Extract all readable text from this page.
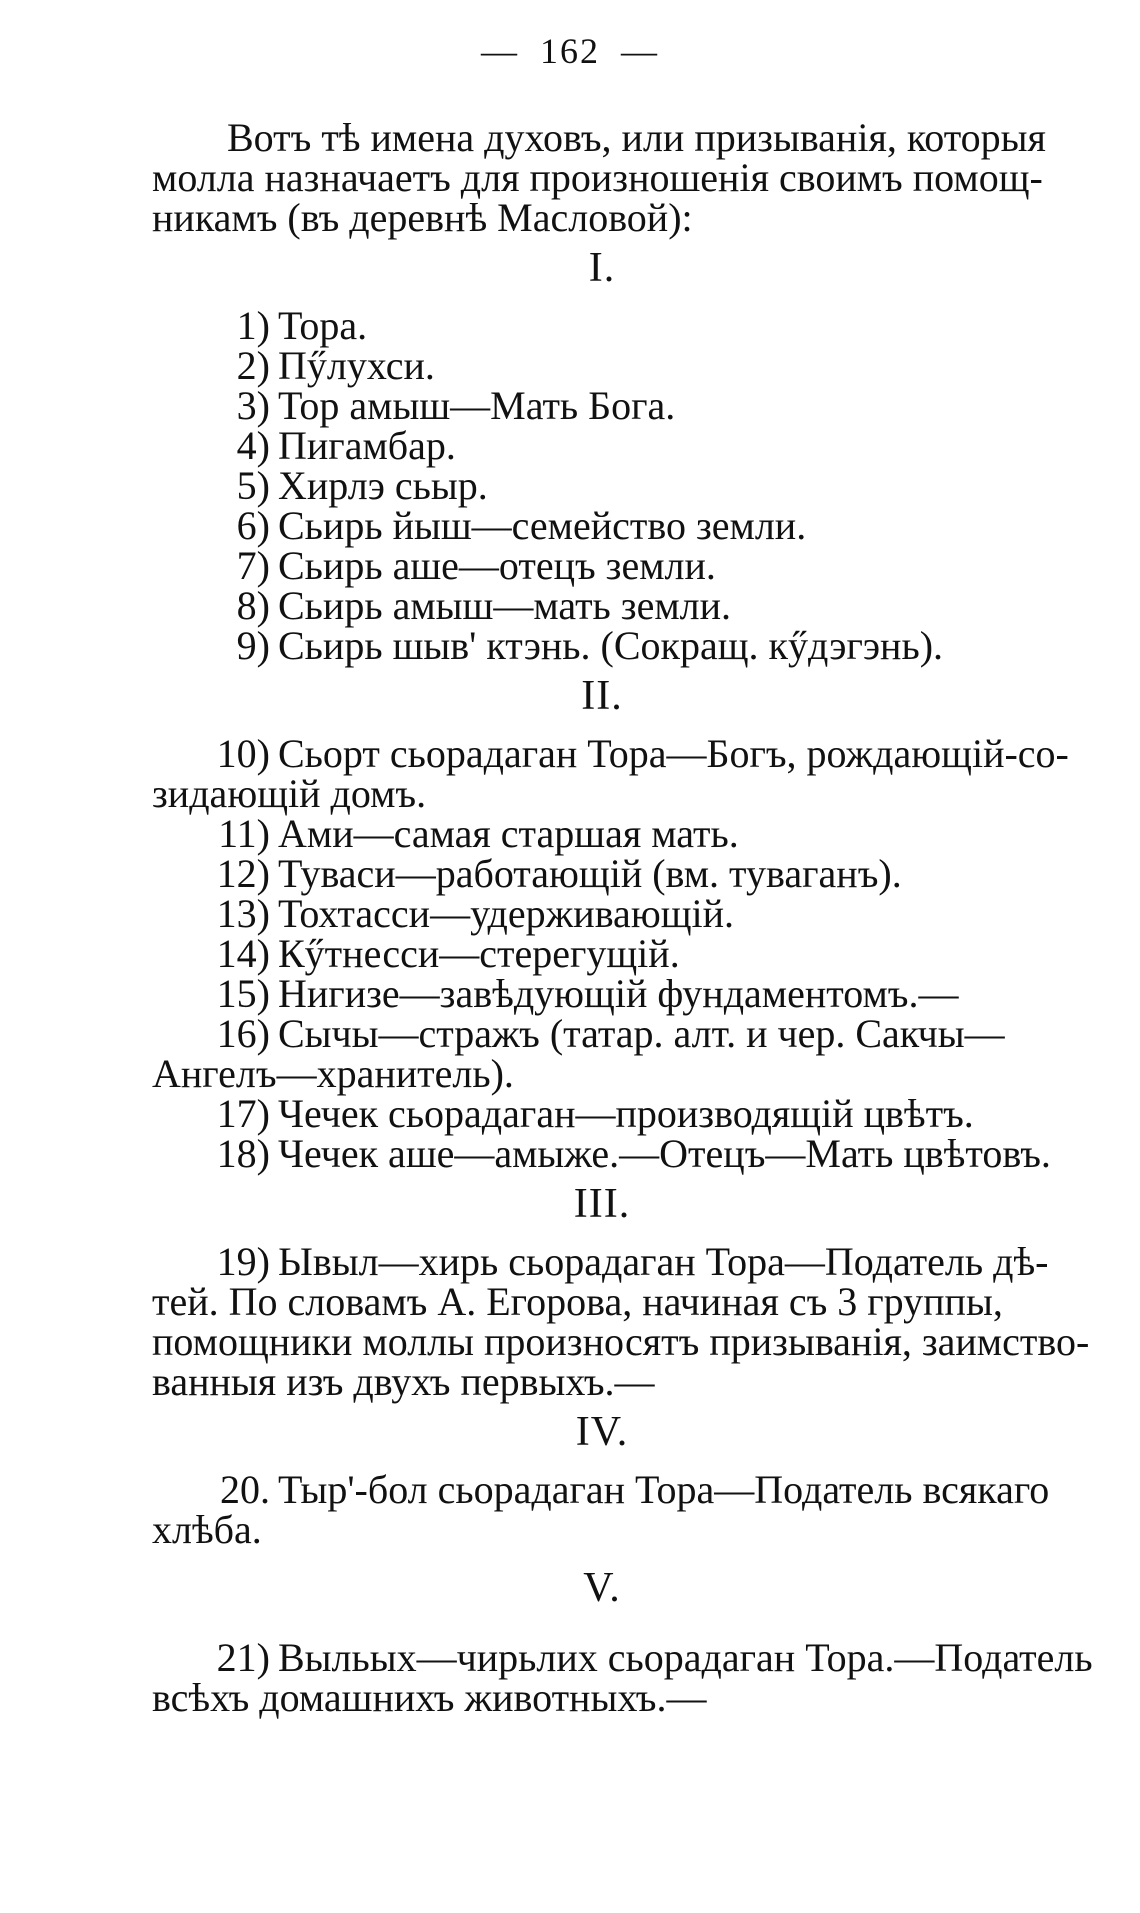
— 162 —
Вотъ тѣ имена духовъ, или призыванія, которыя
молла назначаетъ для произношенія своимъ помощ-
никамъ (въ деревнѣ Масловой):
I.
1) Тора.
2) Пӳлухси.
3) Тор амыш—Мать Бога.
4) Пигамбар.
5) Хирлэ сьыр.
6) Сьирь йыш—семейство земли.
7) Сьирь аше—отецъ земли.
8) Сьирь амыш—мать земли.
9) Сьирь шыв' ктэнь. (Сокращ. кӳдэгэнь).
II.
10) Сьорт сьорадаган Тора—Богъ, рождающій-со-
зидающій домъ.
11) Ами—самая старшая мать.
12) Туваси—работающій (вм. туваганъ).
13) Тохтасси—удерживающій.
14) Кӳтнесси—стерегущій.
15) Нигизе—завѣдующій фундаментомъ.—
16) Сычы—стражъ (татар. алт. и чер. Сакчы—
Ангелъ—хранитель).
17) Чечек сьорадаган—производящій цвѣтъ.
18) Чечек аше—амыже.—Отецъ—Мать цвѣтовъ.
III.
19) Ывыл—хирь сьорадаган Тора—Податель дѣ-
тей. По словамъ А. Егорова, начиная съ 3 группы,
помощники моллы произносятъ призыванія, заимство-
ванныя изъ двухъ первыхъ.—
IV.
20. Тыр'-бол сьорадаган Тора—Податель всякаго
хлѣба.
V.
21) Выльых—чирьлих сьорадаган Тора.—Податель
всѣхъ домашнихъ животныхъ.—
